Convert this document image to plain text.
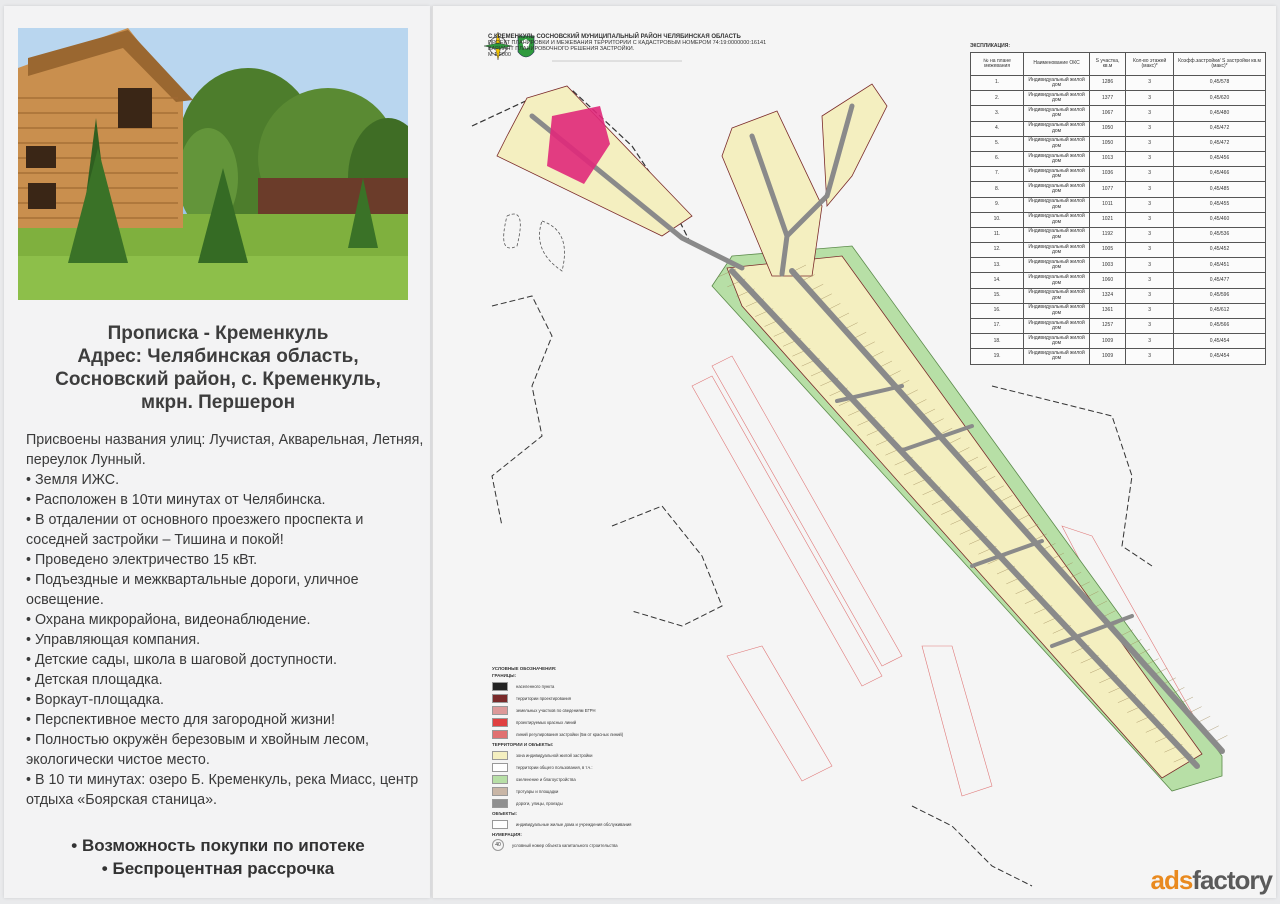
Прописка - Кременкуль
Адрес: Челябинская область,
Сосновский район, с. Кременкуль,
мкрн. Першерон

Присвоены названия улиц: Лучистая, Акварельная, Летняя, переулок Лунный.

• Земля ИЖС.

• Расположен в 10ти минутах от Челябинска.

• В отдалении от основного проезжего проспекта и соседней застройки – Тишина и покой!

• Проведено электричество 15 кВт.

• Подъездные и межквартальные дороги, уличное освещение.

• Охрана микрорайона, видеонаблюдение.

• Управляющая компания.

• Детские сады, школа в шаговой доступности.

• Детская площадка.

• Воркаут-площадка.

• Перспективное место для загородной жизни!

• Полностью окружён березовым и хвойным лесом, экологически чистое место.

• В 10 ти минутах: озеро Б. Кременкуль, река Миасс, центр отдыха «Боярская станица».

• Возможность покупки по ипотеке
• Беспроцентная рассрочка
С.КРЕМЕНКУЛЬ СОСНОВСКИЙ МУНИЦИПАЛЬНЫЙ РАЙОН ЧЕЛЯБИНСКАЯ ОБЛАСТЬ
ПРОЕКТ ПЛАНИРОВКИ И МЕЖЕВАНИЯ ТЕРРИТОРИИ С КАДАСТРОВЫМ НОМЕРОМ 74:19:0000000:16141
ВАРИАНТ ПЛАНИРОВОЧНОГО РЕШЕНИЯ ЗАСТРОЙКИ.
М 1:2000
ЭКСПЛИКАЦИЯ:
№ на плане межевания	Наименование ОКС	S участка, кв.м	Кол-во этажей (макс)*	Коэфф.застройки/ S застройки кв.м (макс)*
1.	Индивидуальный жилой дом	1286	3	0,45/578
2.	Индивидуальный жилой дом	1377	3	0,45/620
3.	Индивидуальный жилой дом	1067	3	0,45/480
4.	Индивидуальный жилой дом	1050	3	0,45/472
5.	Индивидуальный жилой дом	1050	3	0,45/472
6.	Индивидуальный жилой дом	1013	3	0,45/456
7.	Индивидуальный жилой дом	1036	3	0,45/466
8.	Индивидуальный жилой дом	1077	3	0,45/485
9.	Индивидуальный жилой дом	1011	3	0,45/455
10.	Индивидуальный жилой дом	1021	3	0,45/460
11.	Индивидуальный жилой дом	1192	3	0,45/536
12.	Индивидуальный жилой дом	1005	3	0,45/452
13.	Индивидуальный жилой дом	1003	3	0,45/451
14.	Индивидуальный жилой дом	1060	3	0,45/477
15.	Индивидуальный жилой дом	1324	3	0,45/596
16.	Индивидуальный жилой дом	1361	3	0,45/612
17.	Индивидуальный жилой дом	1257	3	0,45/566
18.	Индивидуальный жилой дом	1009	3	0,45/454
19.	Индивидуальный жилой дом	1009	3	0,45/454
УСЛОВНЫЕ ОБОЗНАЧЕНИЯ:
ГРАНИЦЫ:
населенного пункта
территории проектирования
земельных участков по сведениям ЕГРН
проектируемых красных линий
линий регулирования застройки (5м от красных линий)
ТЕРРИТОРИИ И ОБЪЕКТЫ:
зона индивидуальной жилой застройки
территории общего пользования, в т.ч.:
озеленение и благоустройства
тротуары и площадки
дороги, улицы, проезды
ОБЪЕКТЫ:
индивидуальные жилые дома и учреждения обслуживания
НУМЕРАЦИЯ:
40	условный номер объекта капитального строительства
adsfactory
